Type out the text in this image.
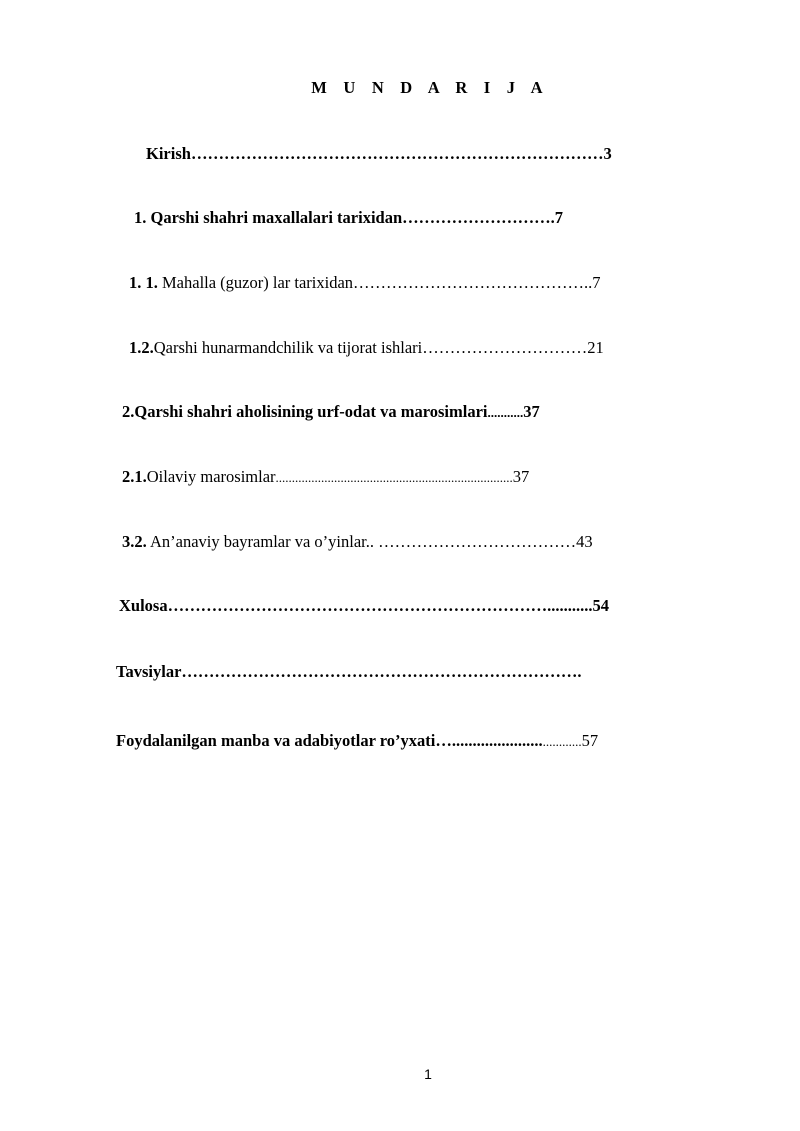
M U N D A R I J A
Kirish…………………………………………………………………3
1. Qarshi shahri maxallalari tarixidan……………………….7
1. 1. Mahalla (guzor) lar tarixidan……………………………………..7
1.2.Qarshi hunarmandchilik va tijorat ishlari…………………………21
2.Qarshi shahri aholisining urf-odat va marosimlari...........37
2.1.Oilaviy marosimlar.........................................................................37
3.2. An’anaviy bayramlar va o’yinlar.. ………………………………43
Xulosa……………………………………………………………...........54
Tavsiylar……………………………………………………………….
Foydalanilgan manba va adabiyotlar ro’yxati…..................................57
1
